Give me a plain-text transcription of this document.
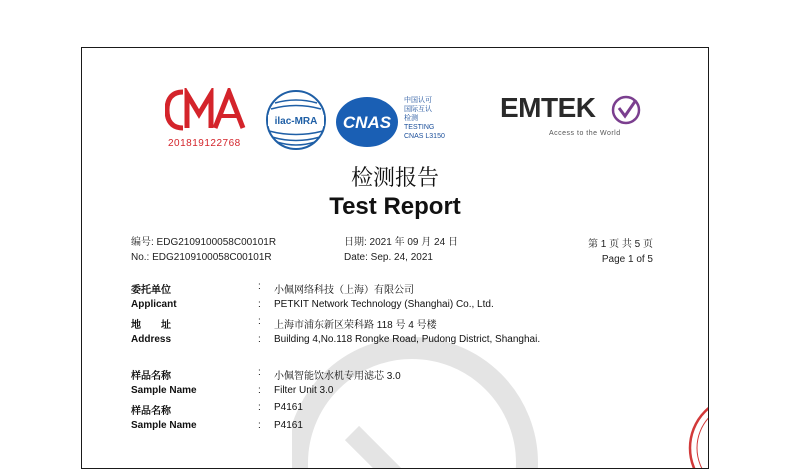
201819122768
ilac-MRA CNAS
中国认可
国际互认
检测
TESTING
CNAS L3150
EMTEK
Access to the World
检测报告
Test Report
编号: EDG2109100058C00101R
No.: EDG2109100058C00101R
日期: 2021 年 09 月 24 日
Date: Sep. 24, 2021
第 1 页 共 5 页
Page 1 of 5
委托单位	: 小佩网络科技（上海）有限公司
Applicant	: PETKIT Network Technology (Shanghai) Co., Ltd.
地　　址	: 上海市浦东新区荣科路 118 号 4 号楼
Address	: Building 4,No.118 Rongke Road, Pudong District, Shanghai.
样品名称	: 小佩智能饮水机专用滤芯 3.0
Sample Name	: Filter Unit 3.0
样品名称	: P4161
Sample Name	: P4161
